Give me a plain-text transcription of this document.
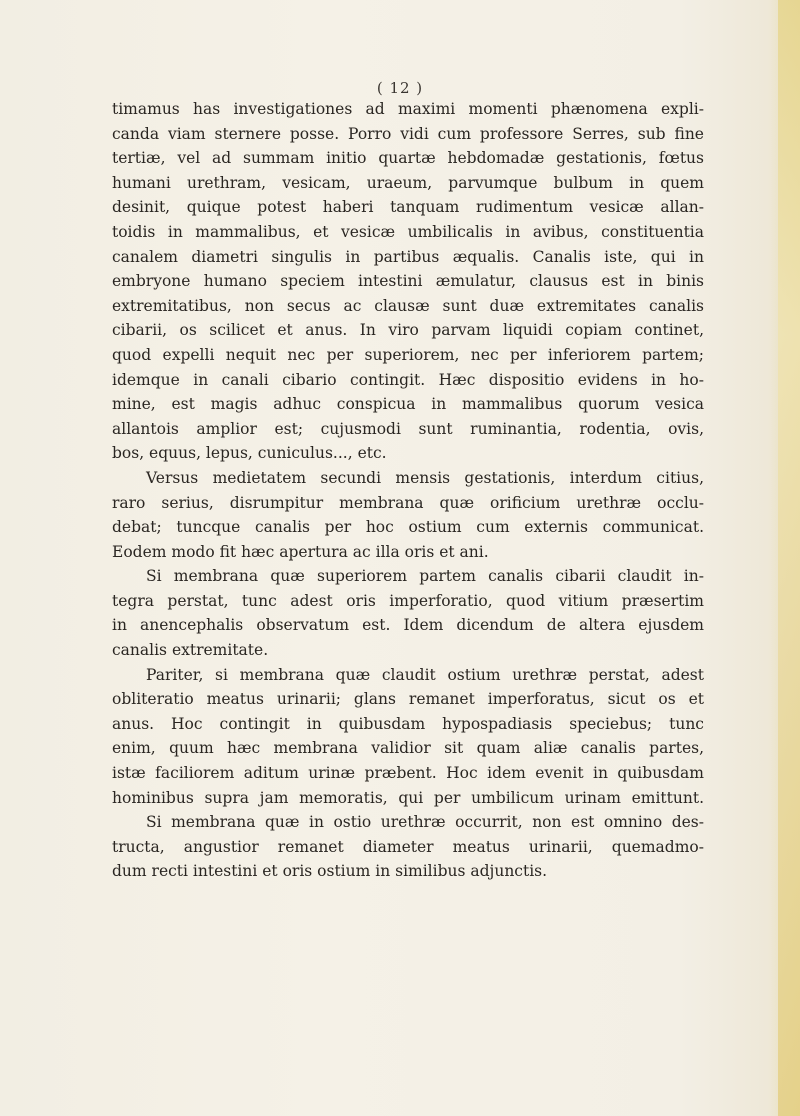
( 12 )
timamus has investigationes ad maximi momenti phænomena expli-
canda viam sternere posse. Porro vidi cum professore Serres, sub fine
tertiæ, vel ad summam initio quartæ hebdomadæ gestationis, fœtus
humani urethram, vesicam, uraeum, parvumque bulbum in quem
desinit, quique potest haberi tanquam rudimentum vesicæ allan-
toidis in mammalibus, et vesicæ umbilicalis in avibus, constituentia
canalem diametri singulis in partibus æqualis. Canalis iste, qui in
embryone humano speciem intestini æmulatur, clausus est in binis
extremitatibus, non secus ac clausæ sunt duæ extremitates canalis
cibarii, os scilicet et anus. In viro parvam liquidi copiam continet,
quod expelli nequit nec per superiorem, nec per inferiorem partem;
idemque in canali cibario contingit. Hæc dispositio evidens in ho-
mine, est magis adhuc conspicua in mammalibus quorum vesica
allantois amplior est; cujusmodi sunt ruminantia, rodentia, ovis,
bos, equus, lepus, cuniculus..., etc.
Versus medietatem secundi mensis gestationis, interdum citius,
raro serius, disrumpitur membrana quæ orificium urethræ occlu-
debat; tuncque canalis per hoc ostium cum externis communicat.
Eodem modo fit hæc apertura ac illa oris et ani.
Si membrana quæ superiorem partem canalis cibarii claudit in-
tegra perstat, tunc adest oris imperforatio, quod vitium præsertim
in anencephalis observatum est. Idem dicendum de altera ejusdem
canalis extremitate.
Pariter, si membrana quæ claudit ostium urethræ perstat, adest
obliteratio meatus urinarii; glans remanet imperforatus, sicut os et
anus. Hoc contingit in quibusdam hypospadiasis speciebus; tunc
enim, quum hæc membrana validior sit quam aliæ canalis partes,
istæ faciliorem aditum urinæ præbent. Hoc idem evenit in quibusdam
hominibus supra jam memoratis, qui per umbilicum urinam emittunt.
Si membrana quæ in ostio urethræ occurrit, non est omnino des-
tructa, angustior remanet diameter meatus urinarii, quemadmo-
dum recti intestini et oris ostium in similibus adjunctis.
